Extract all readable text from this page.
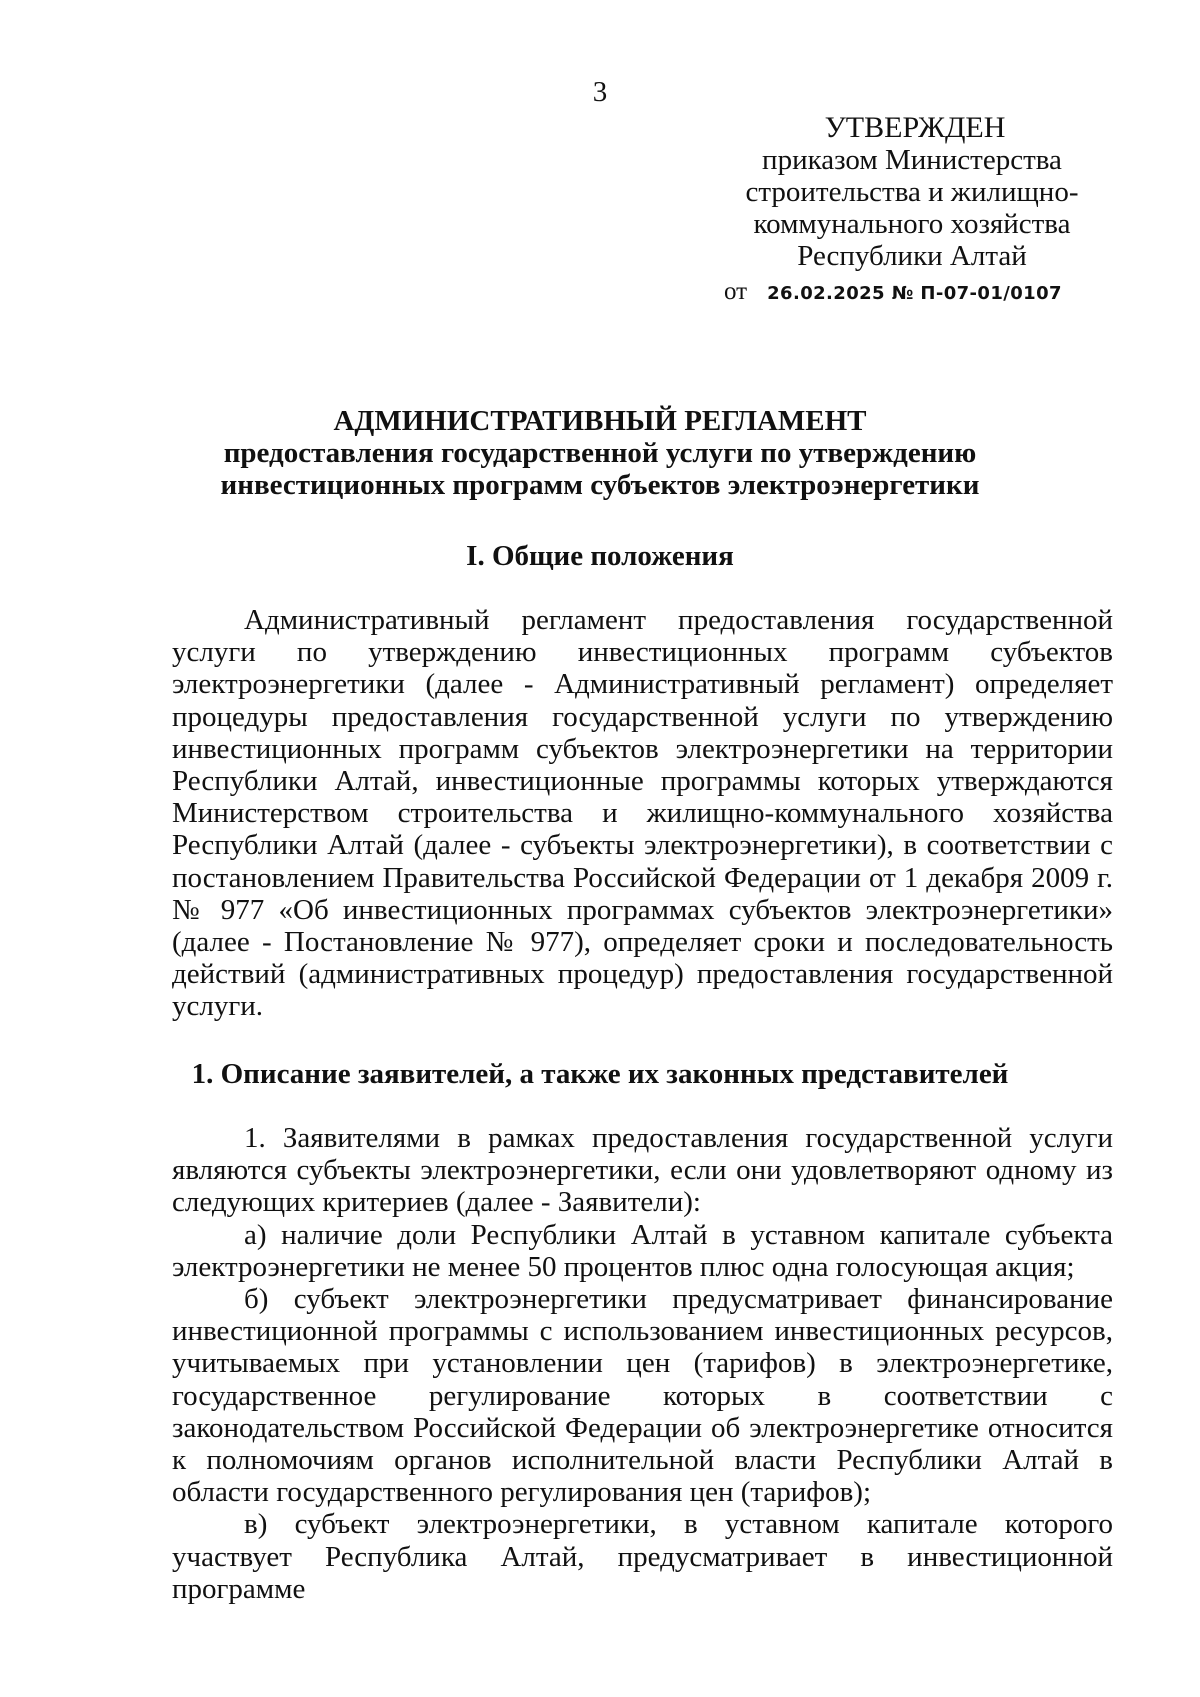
3
УТВЕРЖДЕН
приказом Министерства
строительства и жилищно-
коммунального хозяйства
Республики Алтай
от 26.02.2025 № П-07-01/0107
АДМИНИСТРАТИВНЫЙ РЕГЛАМЕНТ
предоставления государственной услуги по утверждению
инвестиционных программ субъектов электроэнергетики
I. Общие положения

Административный регламент предоставления государственной услуги по утверждению инвестиционных программ субъектов электроэнергетики (далее - Административный регламент) определяет процедуры предоставления государственной услуги по утверждению инвестиционных программ субъектов электроэнергетики на территории Республики Алтай, инвестиционные программы которых утверждаются Министерством строительства и жилищно-коммунального хозяйства Республики Алтай (далее - субъекты электроэнергетики), в соответствии с постановлением Правительства Российской Федерации от 1 декабря 2009 г. № 977 «Об инвестиционных программах субъектов электроэнергетики» (далее - Постановление № 977), определяет сроки и последовательность действий (административных процедур) предоставления государственной услуги.

1. Описание заявителей, а также их законных представителей

1. Заявителями в рамках предоставления государственной услуги являются субъекты электроэнергетики, если они удовлетворяют одному из следующих критериев (далее - Заявители):

а) наличие доли Республики Алтай в уставном капитале субъекта электроэнергетики не менее 50 процентов плюс одна голосующая акция;

б) субъект электроэнергетики предусматривает финансирование инвестиционной программы с использованием инвестиционных ресурсов, учитываемых при установлении цен (тарифов) в электроэнергетике, государственное регулирование которых в соответствии с законодательством Российской Федерации об электроэнергетике относится к полномочиям органов исполнительной власти Республики Алтай в области государственного регулирования цен (тарифов);

в) субъект электроэнергетики, в уставном капитале которого участвует Республика Алтай, предусматривает в инвестиционной программе
